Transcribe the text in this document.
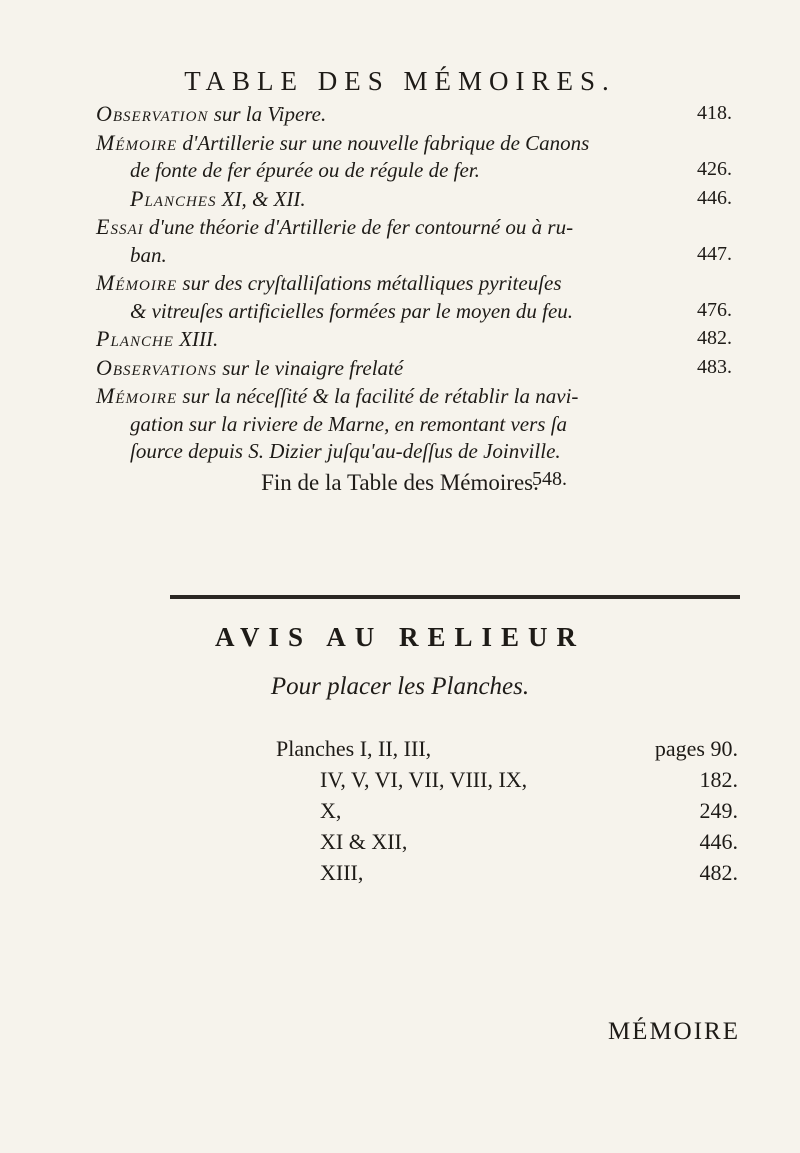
TABLE DES MÉMOIRES.
Observation sur la Vipere.	418.
Mémoire d'Artillerie sur une nouvelle fabrique de Canons
de fonte de fer épurée ou de régule de fer.	426.
Planches XI, & XII.	446.
Essai d'une théorie d'Artillerie de fer contourné ou à ru-
ban.	447.
Mémoire sur des cryſtalliſations métalliques pyriteuſes
& vitreuſes artificielles formées par le moyen du feu.	476.
Planche XIII.	482.
Observations sur le vinaigre frelaté	483.
Mémoire sur la néceſſité & la facilité de rétablir la navi-
gation sur la riviere de Marne, en remontant vers ſa
ſource depuis S. Dizier juſqu'au-deſſus de Joinville.
548.
Fin de la Table des Mémoires.
AVIS AU RELIEUR
Pour placer les Planches.
Planches I, II, III,	pages 90.
IV, V, VI, VII, VIII, IX,	182.
X,	249.
XI & XII,	446.
XIII,	482.
MÉMOIRE
